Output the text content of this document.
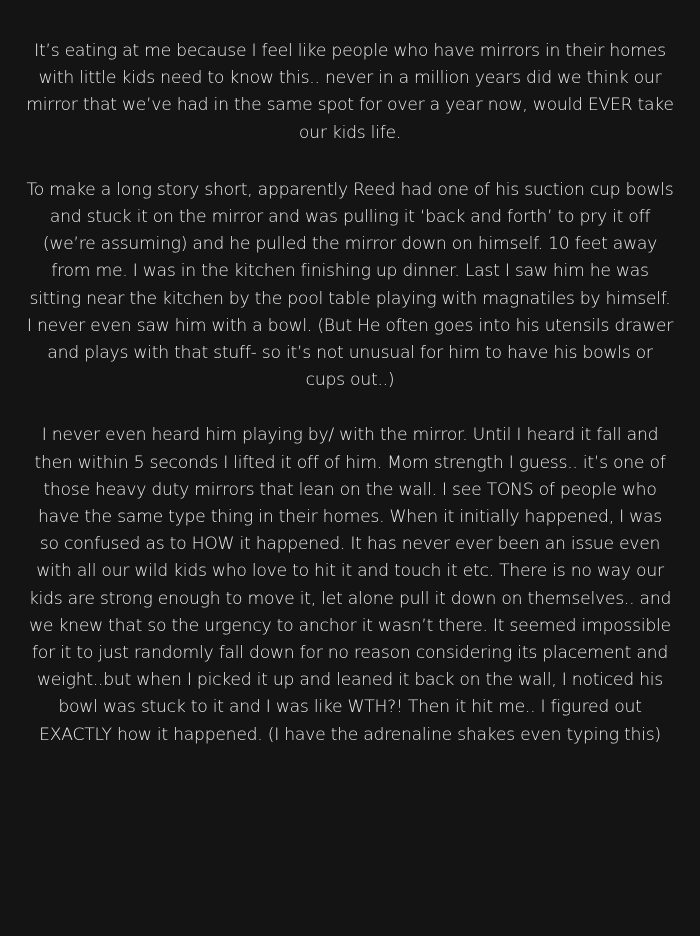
It’s eating at me because I feel like people who have mirrors in their homes with little kids need to know this.. never in a million years did we think our mirror that we’ve had in the same spot for over a year now, would EVER take our kids life.

To make a long story short, apparently Reed had one of his suction cup bowls and stuck it on the mirror and was pulling it ‘back and forth’ to pry it off (we’re assuming) and he pulled the mirror down on himself. 10 feet away from me. I was in the kitchen finishing up dinner. Last I saw him he was sitting near the kitchen by the pool table playing with magnatiles by himself. I never even saw him with a bowl. (But He often goes into his utensils drawer and plays with that stuff- so it’s not unusual for him to have his bowls or cups out..)

I never even heard him playing by/ with the mirror. Until I heard it fall and then within 5 seconds I lifted it off of him. Mom strength I guess.. it’s one of those heavy duty mirrors that lean on the wall. I see TONS of people who have the same type thing in their homes. When it initially happened, I was so confused as to HOW it happened. It has never ever been an issue even with all our wild kids who love to hit it and touch it etc. There is no way our kids are strong enough to move it, let alone pull it down on themselves.. and we knew that so the urgency to anchor it wasn’t there. It seemed impossible for it to just randomly fall down for no reason considering its placement and weight..but when I picked it up and leaned it back on the wall, I noticed his bowl was stuck to it and I was like WTH?! Then it hit me.. I figured out EXACTLY how it happened. (I have the adrenaline shakes even typing this)
